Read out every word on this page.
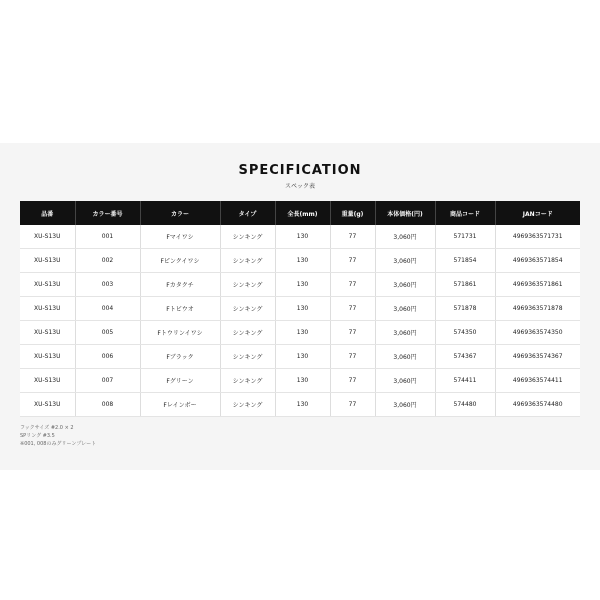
SPECIFICATION
スペック表
品番	カラー番号	カラー	タイプ	全長(mm)	重量(g)	本体価格(円)	商品コード	JANコード
XU-S13U	001	Fマイワシ	シンキング	130	77	3,060円	571731	4969363571731
XU-S13U	002	Fピンクイワシ	シンキング	130	77	3,060円	571854	4969363571854
XU-S13U	003	Fカタクチ	シンキング	130	77	3,060円	571861	4969363571861
XU-S13U	004	Fトビウオ	シンキング	130	77	3,060円	571878	4969363571878
XU-S13U	005	Fトウリンイワシ	シンキング	130	77	3,060円	574350	4969363574350
XU-S13U	006	Fブラック	シンキング	130	77	3,060円	574367	4969363574367
XU-S13U	007	Fグリーン	シンキング	130	77	3,060円	574411	4969363574411
XU-S13U	008	Fレインボー	シンキング	130	77	3,060円	574480	4969363574480
フックサイズ #2.0 × 2
SPリング #3.5
※001, 008のみグリーンプレート
